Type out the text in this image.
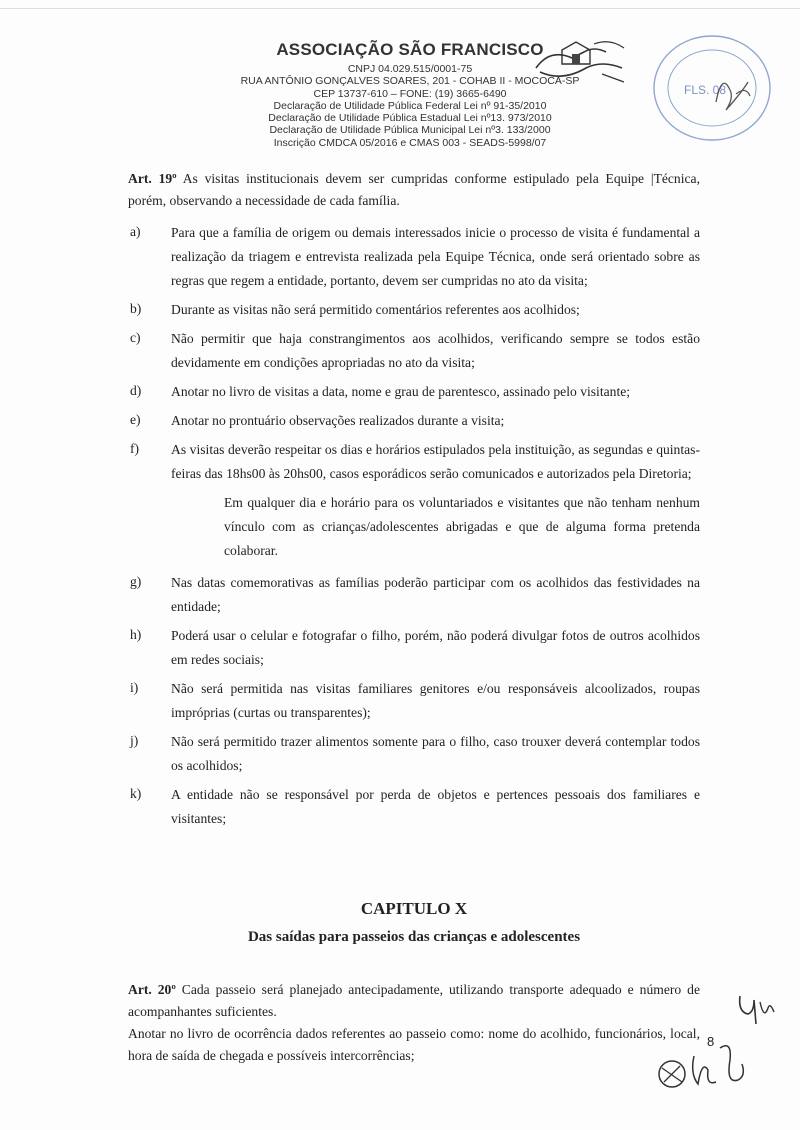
ASSOCIAÇÃO SÃO FRANCISCO
CNPJ 04.029.515/0001-75
RUA ANTÔNIO GONÇALVES SOARES, 201 - COHAB II - MOCOCA-SP
CEP 13737-610 – FONE: (19) 3665-6490
Declaração de Utilidade Pública Federal Lei nº 91-35/2010
Declaração de Utilidade Pública Estadual Lei nº13. 973/2010
Declaração de Utilidade Pública Municipal Lei nº3. 133/2000
Inscrição CMDCA 05/2016 e CMAS 003 - SEADS-5998/07
FLS. 08

Art. 19º As visitas institucionais devem ser cumpridas conforme estipulado pela Equipe |Técnica, porém, observando a necessidade de cada família.

a)	Para que a família de origem ou demais interessados inicie o processo de visita é fundamental a realização da triagem e entrevista realizada pela Equipe Técnica, onde será orientado sobre as regras que regem a entidade, portanto, devem ser cumpridas no ato da visita;
b)	Durante as visitas não será permitido comentários referentes aos acolhidos;
c)	Não permitir que haja constrangimentos aos acolhidos, verificando sempre se todos estão devidamente em condições apropriadas no ato da visita;
d)	Anotar no livro de visitas a data, nome e grau de parentesco, assinado pelo visitante;
e)	Anotar no prontuário observações realizados durante a visita;
f)	As visitas deverão respeitar os dias e horários estipulados pela instituição, as segundas e quintas-feiras das 18hs00 às 20hs00, casos esporádicos serão comunicados e autorizados pela Diretoria;

Em qualquer dia e horário para os voluntariados e visitantes que não tenham nenhum vínculo com as crianças/adolescentes abrigadas e que de alguma forma pretenda colaborar.

g)	Nas datas comemorativas as famílias poderão participar com os acolhidos das festividades na entidade;
h)	Poderá usar o celular e fotografar o filho, porém, não poderá divulgar fotos de outros acolhidos em redes sociais;
i)	Não será permitida nas visitas familiares genitores e/ou responsáveis alcoolizados, roupas impróprias (curtas ou transparentes);
j)	Não será permitido trazer alimentos somente para o filho, caso trouxer deverá contemplar todos os acolhidos;
k)	A entidade não se responsável por perda de objetos e pertences pessoais dos familiares e visitantes;
CAPITULO X
Das saídas para passeios das crianças e adolescentes

Art. 20º Cada passeio será planejado antecipadamente, utilizando transporte adequado e número de acompanhantes suficientes.

Anotar no livro de ocorrência dados referentes ao passeio como: nome do acolhido, funcionários, local, hora de saída de chegada e possíveis intercorrências;

8
